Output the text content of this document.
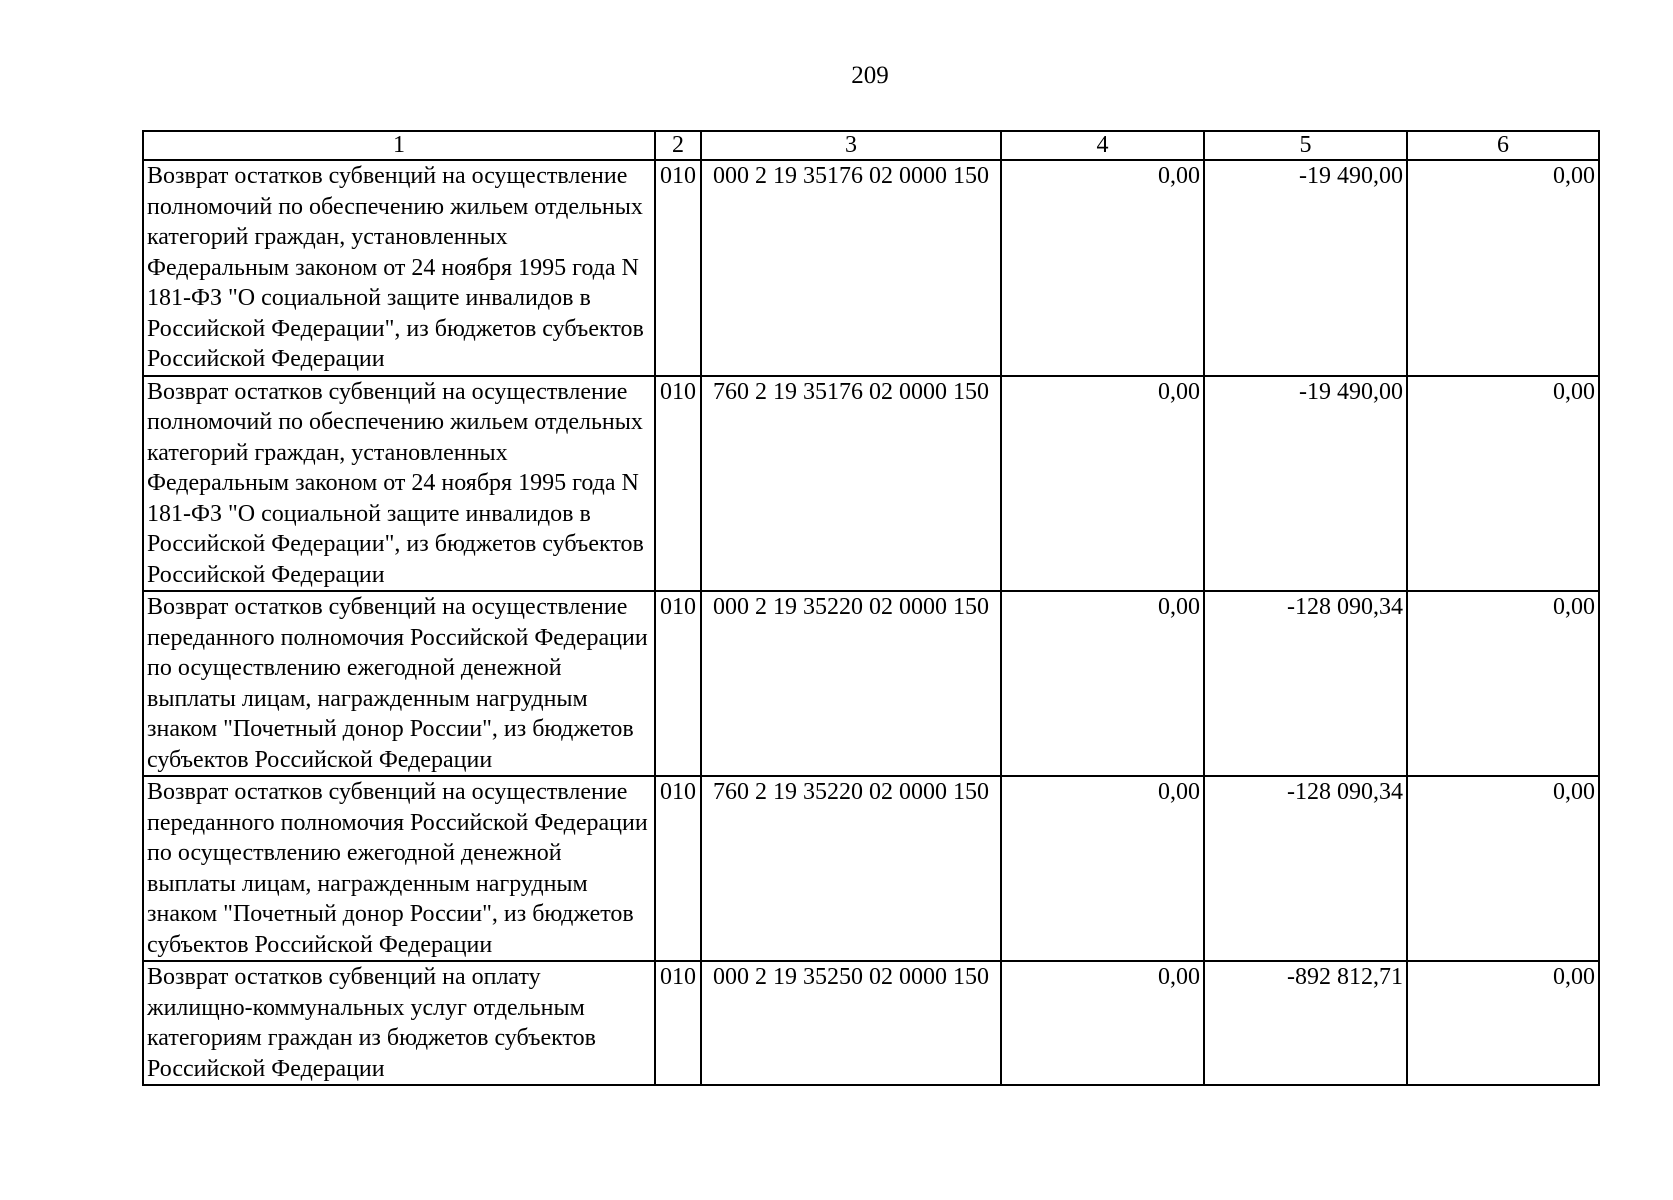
209
1	2	3	4	5	6
Возврат остатков субвенций на осуществление полномочий по обеспечению жильем отдельных категорий граждан, установленных Федеральным законом от 24 ноября 1995 года N 181-ФЗ "О социальной защите инвалидов в Российской Федерации", из бюджетов субъектов Российской Федерации	010	000 2 19 35176 02 0000 150	0,00	-19 490,00	0,00
Возврат остатков субвенций на осуществление полномочий по обеспечению жильем отдельных категорий граждан, установленных Федеральным законом от 24 ноября 1995 года N 181-ФЗ "О социальной защите инвалидов в Российской Федерации", из бюджетов субъектов Российской Федерации	010	760 2 19 35176 02 0000 150	0,00	-19 490,00	0,00
Возврат остатков субвенций на осуществление переданного полномочия Российской Федерации по осуществлению ежегодной денежной выплаты лицам, награжденным нагрудным знаком "Почетный донор России", из бюджетов субъектов Российской Федерации	010	000 2 19 35220 02 0000 150	0,00	-128 090,34	0,00
Возврат остатков субвенций на осуществление переданного полномочия Российской Федерации по осуществлению ежегодной денежной выплаты лицам, награжденным нагрудным знаком "Почетный донор России", из бюджетов субъектов Российской Федерации	010	760 2 19 35220 02 0000 150	0,00	-128 090,34	0,00
Возврат остатков субвенций на оплату жилищно-коммунальных услуг отдельным категориям граждан из бюджетов субъектов Российской Федерации	010	000 2 19 35250 02 0000 150	0,00	-892 812,71	0,00
